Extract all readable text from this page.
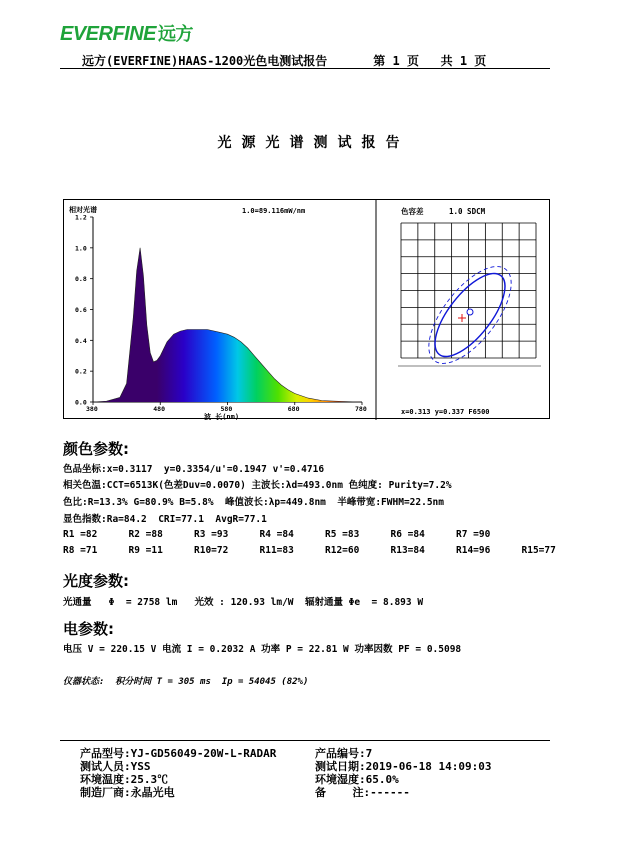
EVERFINE 远方
远方(EVERFINE)HAAS-1200光色电测试报告	第 1 页   共 1 页
光源光谱测试报告
1.2
1.0
0.8
0.6
0.4
0.2
0.0
380	480	580	680	780
相对光谱	1.0=89.116mW/nm
波 长(nm)
色容差	1.0 SDCM
x=0.313 y=0.337 F6500
颜色参数:
色品坐标:x=0.3117  y=0.3354/u'=0.1947 v'=0.4716
相关色温:CCT=6513K(色差Duv=0.0070) 主波长:λd=493.0nm 色纯度: Purity=7.2%
色比:R=13.3% G=80.9% B=5.8%  峰值波长:λp=449.8nm  半峰带宽:FWHM=22.5nm
显色指数:Ra=84.2  CRI=77.1  AvgR=77.1
R1 =82	R2 =88	R3 =93	R4 =84	R5 =83	R6 =84	R7 =90
R8 =71	R9 =11	R10=72	R11=83	R12=60	R13=84	R14=96	R15=77
光度参数:
光通量   Φ  = 2758 lm   光效 : 120.93 lm/W  辐射通量 Φe  = 8.893 W
电参数:
电压 V = 220.15 V 电流 I = 0.2032 A 功率 P = 22.81 W 功率因数 PF = 0.5098
仪器状态:  积分时间 T = 305 ms  Ip = 54045 (82%)
产品型号:YJ-GD56049-20W-L-RADAR	产品编号:7
测试人员:YSS	测试日期:2019-06-18 14:09:03
环境温度:25.3℃	环境湿度:65.0%
制造厂商:永晶光电	备    注:------
